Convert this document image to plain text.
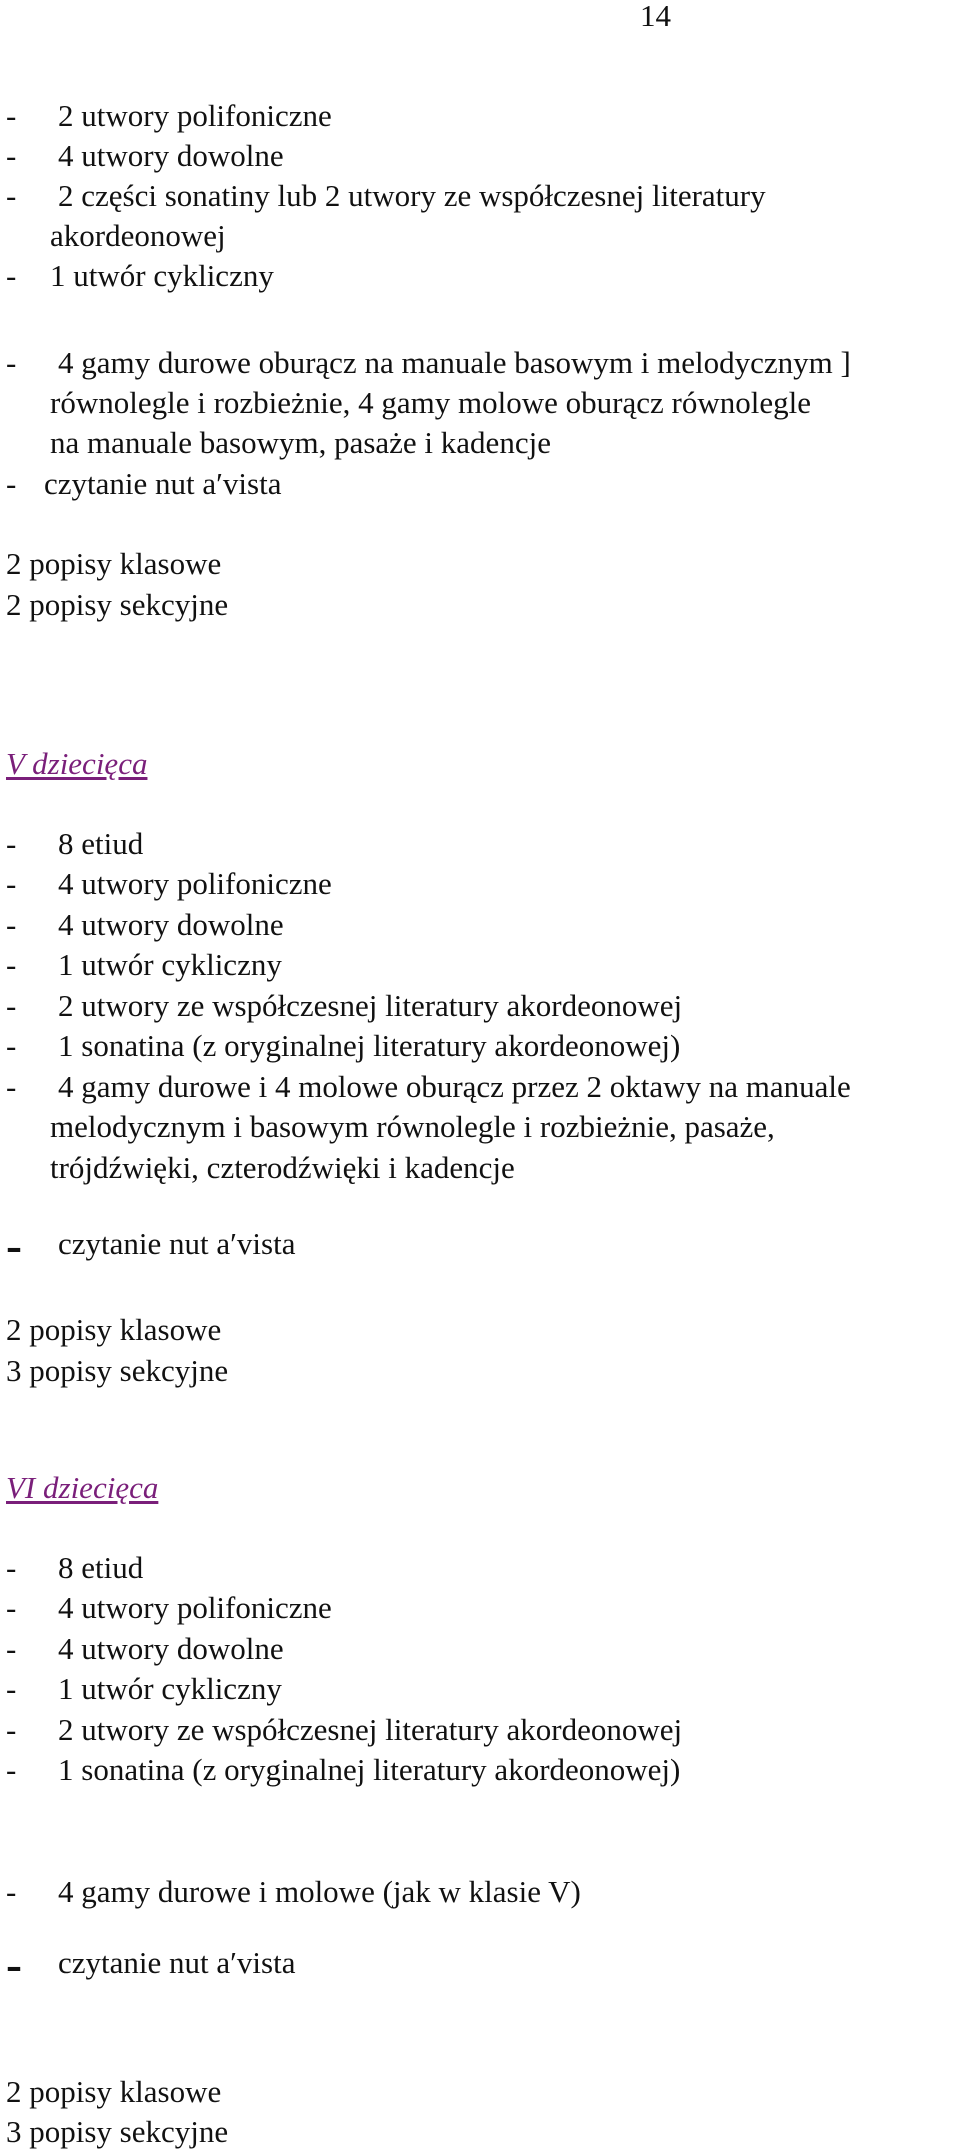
14
- 2 utwory polifoniczne
- 4 utwory dowolne
- 2 części sonatiny lub 2 utwory ze współczesnej literatury
akordeonowej
- 1 utwór cykliczny
- 4 gamy durowe oburącz na manuale basowym i melodycznym ]
równolegle i rozbieżnie, 4 gamy molowe oburącz równolegle
na manuale basowym, pasaże i kadencje
- czytanie nut a′vista
2 popisy klasowe
2 popisy sekcyjne
V dziecięca
- 8 etiud
- 4 utwory polifoniczne
- 4 utwory dowolne
- 1 utwór cykliczny
- 2 utwory ze współczesnej literatury akordeonowej
- 1 sonatina (z oryginalnej literatury akordeonowej)
- 4 gamy durowe i 4 molowe oburącz przez 2 oktawy na manuale
melodycznym i basowym równolegle i rozbieżnie, pasaże,
trójdźwięki, czterodźwięki i kadencje
- czytanie nut a′vista
2 popisy klasowe
3 popisy sekcyjne
VI dziecięca
- 8 etiud
- 4 utwory polifoniczne
- 4 utwory dowolne
- 1 utwór cykliczny
- 2 utwory ze współczesnej literatury akordeonowej
- 1 sonatina (z oryginalnej literatury akordeonowej)
- 4 gamy durowe i molowe (jak w klasie V)
- czytanie nut a′vista
2 popisy klasowe
3 popisy sekcyjne
